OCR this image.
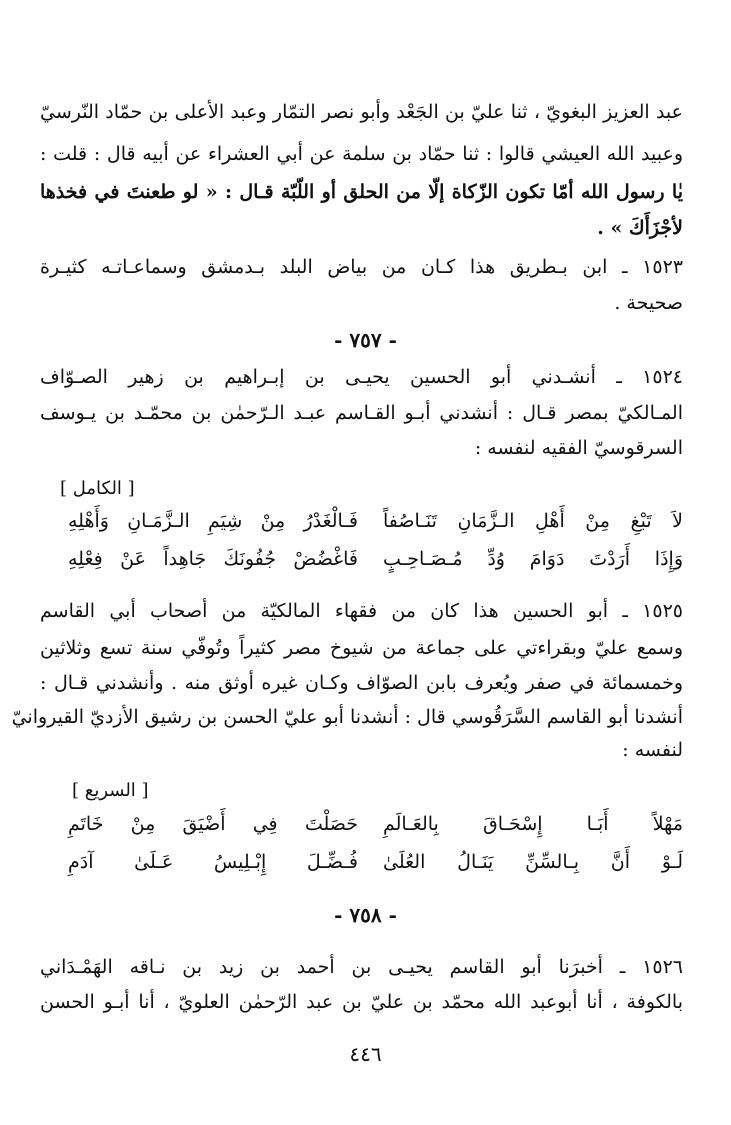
عبد العزيز البغويّ ، ثنا عليّ بن الجَعْد وأبو نصر التمّار وعبد الأعلى بن حمّاد النّرسيّ
وعبيد الله العيشي قالوا : ثنا حمّاد بن سلمة عن أبي العشراء عن أبيه قال : قلت :
يٰا رسول الله أمّا تكون الزّكاة إلّا من الحلق أو اللّبّة قـال : « لو طعنتَ في فخذها
لأجْزَأَكَ » .
١٥٢٣ ـ ابن بـطريق هذا كـان من بياض البلد بـدمشق وسماعـاتـه كثيـرة
صحيحة .
- ٧٥٧ -
١٥٢٤ ـ أنشـدني أبو الحسين يحيـى بن إبـراهيم بن زهير الصـوّاف
المـالكيّ بمصر قـال : أنشدني أبـو القـاسم عبـد الـرّحمٰن بن محمّـد بن يـوسف
السرقوسيّ الفقيه لنفسه :
[ الكامل ]
لاَ تَبْغِ مِنْ أَهْلِ الـزَّمَانِ تَنَـاصُفاً
فَـالْغَدْرُ مِنْ شِيَمِ الـزَّمَـانِ وَأَهْلِهِ
وَإِذَا أَرَدْتَ دَوَامَ وُدِّ مُـصَـاحِـبٍ
فَاغْضُضْ جُفُونَكَ جَاهِداً عَنْ فِعْلِهِ
١٥٢٥ ـ أبو الحسين هذا كان من فقهاء المالكيّة من أصحاب أبي القاسم
وسمع عليّ وبقراءتي على جماعة من شيوخ مصر كثيراً وتُوفّي سنة تسع وثلاثين
وخمسمائة في صفر ويُعرف بابن الصوّاف وكـان غيره أوثق منه . وأنشدني قـال :
أنشدنا أبو القاسم السَّرَقُوسي قال : أنشدنا أبو عليّ الحسن بن رشيق الأزديّ القيروانيّ
لنفسه :
[ السريع ]
مَهْلاً أَبَـا إِسْحَـاقَ بِالعَـالَمِ
حَصَلْتَ فِي أَضْيَقَ مِنْ خَاتَمِ
لَـوْ أَنَّ بِـالسِّنِّ يَنَـالُ العُلَىٰ
فُـضِّـلَ إِبْـلِيسُ عَـلَىٰ آدَمِ
- ٧٥٨ -
١٥٢٦ ـ أخبرَنا أبو القاسم يحيـى بن أحمد بن زيد بن نـاقه الهَمْـدَاني
بالكوفة ، أنا أبوعبد الله محمّد بن عليّ بن عبد الرّحمٰن العلويّ ، أنا أبـو الحسن
٤٤٦
